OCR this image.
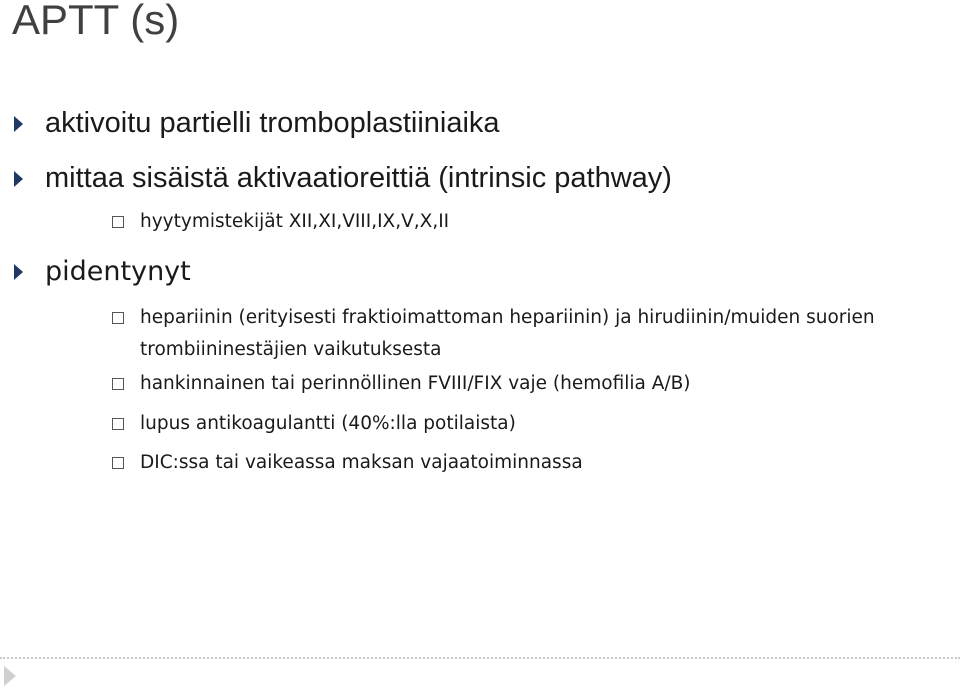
APTT (s)
aktivoitu partielli tromboplastiiniaika
mittaa sisäistä aktivaatioreittiä (intrinsic pathway)
hyytymistekijät XII,XI,VIII,IX,V,X,II
pidentynyt
hepariinin (erityisesti fraktioimattoman hepariinin) ja hirudiinin/muiden suorien trombiininestäjien vaikutuksesta
hankinnainen tai perinnöllinen FVIII/FIX vaje (hemofilia A/B)
lupus antikoagulantti (40%:lla potilaista)
DIC:ssa tai vaikeassa maksan vajaatoiminnassa
